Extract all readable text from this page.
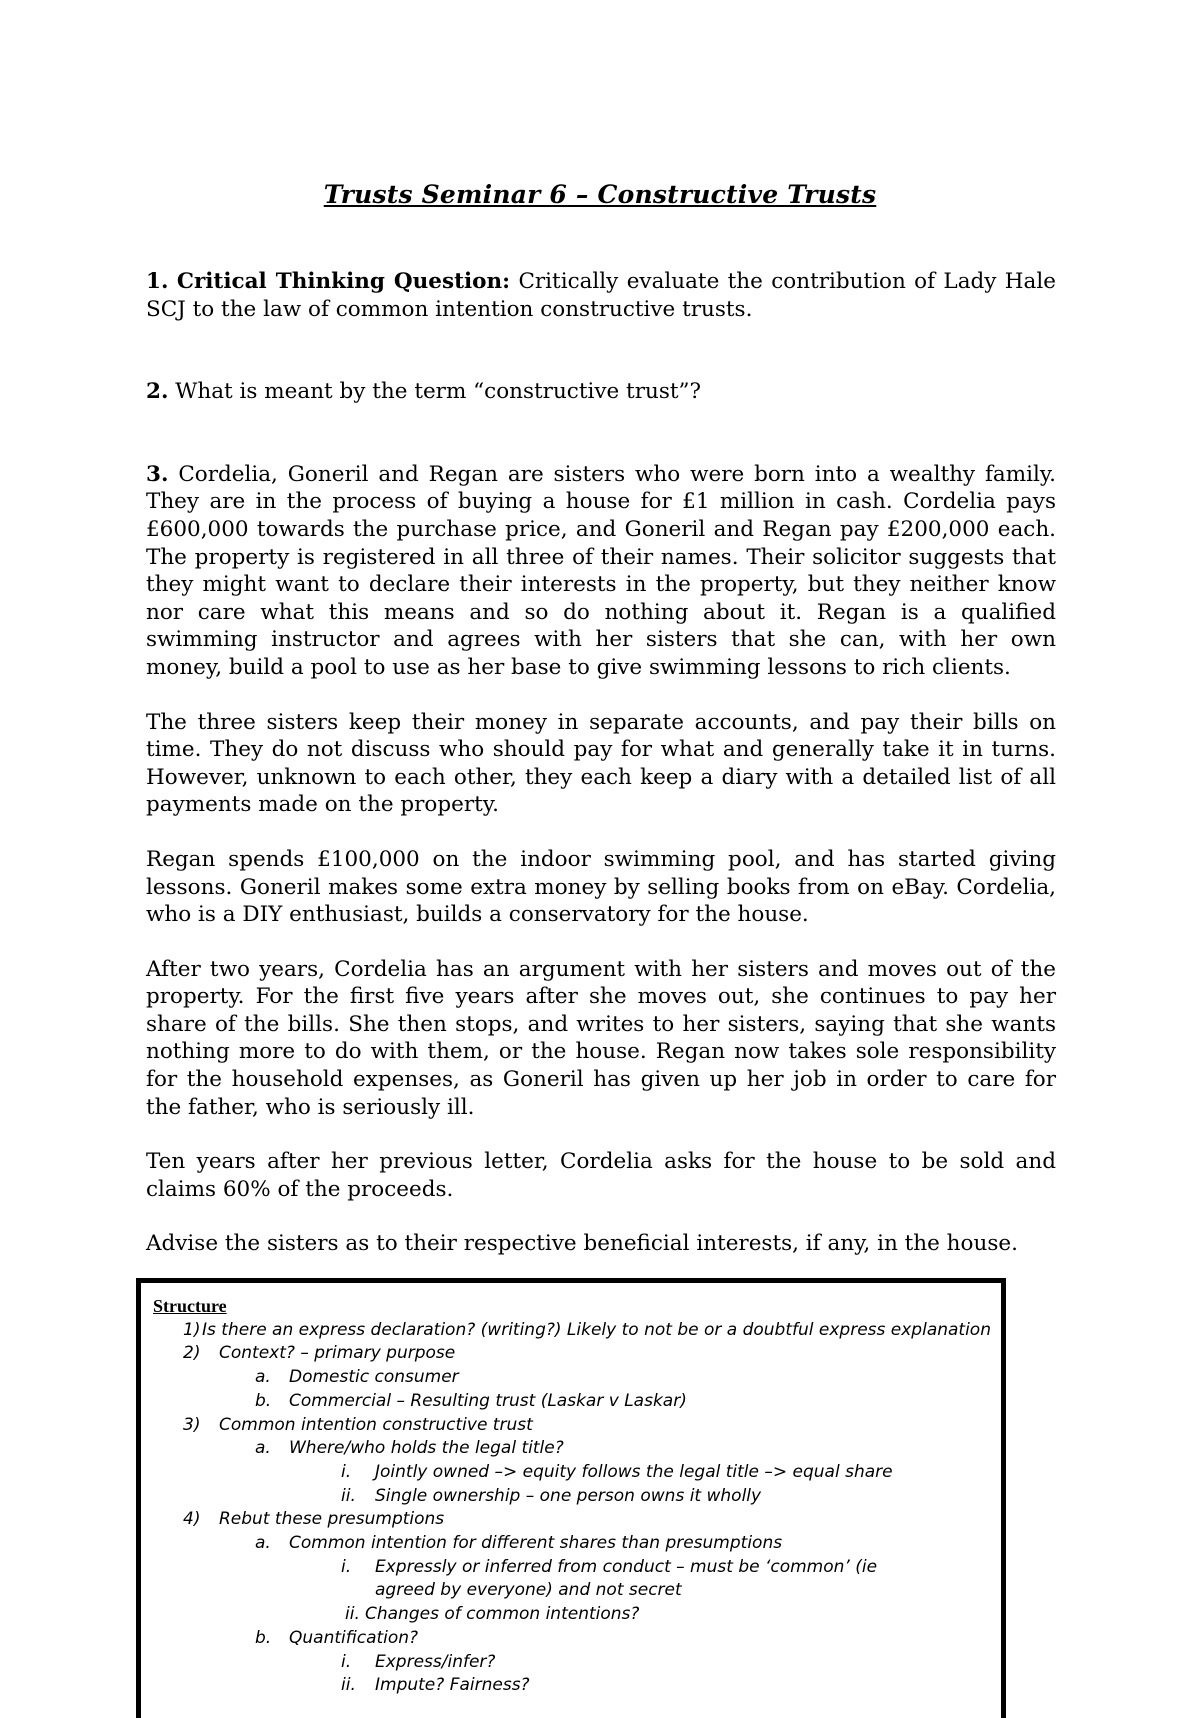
Trusts Seminar 6 – Constructive Trusts

1. Critical Thinking Question: Critically evaluate the contribution of Lady Hale SCJ to the law of common intention constructive trusts.

2. What is meant by the term “constructive trust”?

3. Cordelia, Goneril and Regan are sisters who were born into a wealthy family. They are in the process of buying a house for £1 million in cash. Cordelia pays £600,000 towards the purchase price, and Goneril and Regan pay £200,000 each. The property is registered in all three of their names. Their solicitor suggests that they might want to declare their interests in the property, but they neither know nor care what this means and so do nothing about it. Regan is a qualified swimming instructor and agrees with her sisters that she can, with her own money, build a pool to use as her base to give swimming lessons to rich clients.

The three sisters keep their money in separate accounts, and pay their bills on time. They do not discuss who should pay for what and generally take it in turns. However, unknown to each other, they each keep a diary with a detailed list of all payments made on the property.

Regan spends £100,000 on the indoor swimming pool, and has started giving lessons. Goneril makes some extra money by selling books from on eBay. Cordelia, who is a DIY enthusiast, builds a conservatory for the house.

After two years, Cordelia has an argument with her sisters and moves out of the property. For the first five years after she moves out, she continues to pay her share of the bills. She then stops, and writes to her sisters, saying that she wants nothing more to do with them, or the house. Regan now takes sole responsibility for the household expenses, as Goneril has given up her job in order to care for the father, who is seriously ill.

Ten years after her previous letter, Cordelia asks for the house to be sold and claims 60% of the proceeds.

Advise the sisters as to their respective beneficial interests, if any, in the house.

Structure
1) Is there an express declaration? (writing?) Likely to not be or a doubtful express explanation
2)	Context? – primary purpose
a.	Domestic consumer
b.	Commercial – Resulting trust (Laskar v Laskar)
3)	Common intention constructive trust
a.	Where/who holds the legal title?
i.	Jointly owned –> equity follows the legal title –> equal share
ii.	Single ownership – one person owns it wholly
4)	Rebut these presumptions
a.	Common intention for different shares than presumptions
i.	Expressly or inferred from conduct – must be ‘common’ (ie agreed by everyone) and not secret
ii. Changes of common intentions?
b.	Quantification?
i.	Express/infer?
ii.	Impute? Fairness?
